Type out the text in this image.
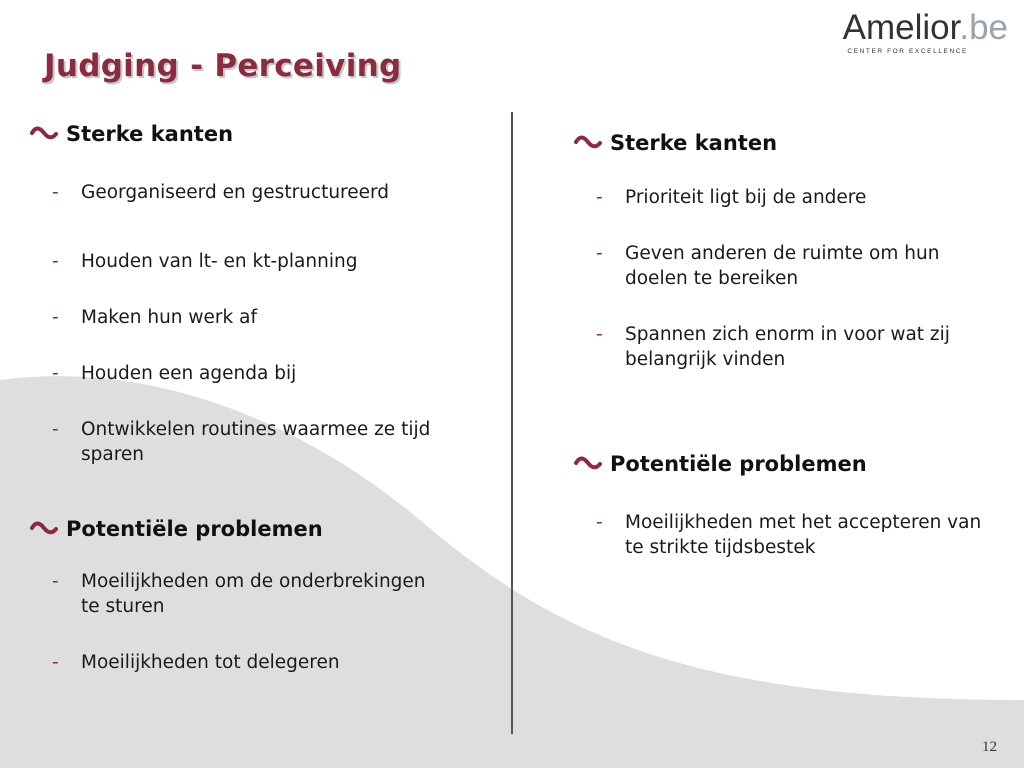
Judging - Perceiving
Amelior.be
CENTER FOR EXCELLENCE
Sterke kanten
- Georganiseerd en gestructureerd
- Houden van lt- en kt-planning
- Maken hun werk af
- Houden een agenda bij
- Ontwikkelen routines waarmee ze tijd sparen
Potentiële problemen
- Moeilijkheden om de onderbrekingen te sturen
- Moeilijkheden tot delegeren
Sterke kanten
- Prioriteit ligt bij de andere
- Geven anderen de ruimte om hun doelen te bereiken
- Spannen zich enorm in voor wat zij belangrijk vinden
Potentiële problemen
- Moeilijkheden met het accepteren van te strikte tijdsbestek
12
